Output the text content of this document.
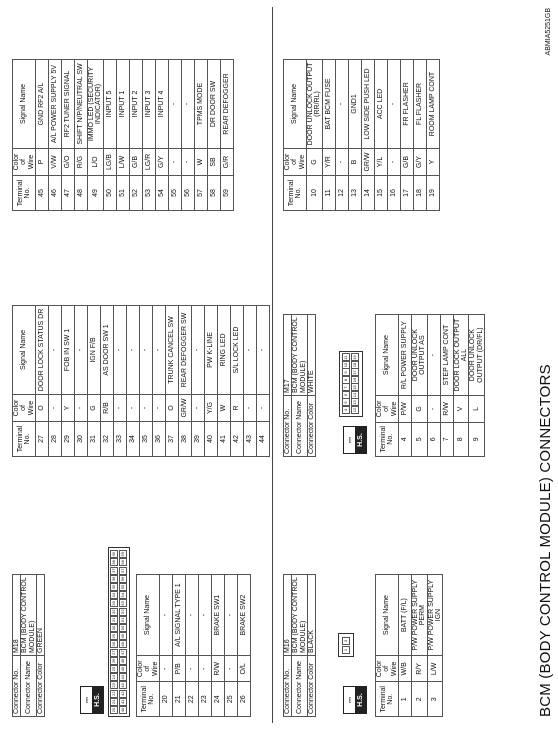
BCM (BODY CONTROL MODULE) CONNECTORS
ABMIA5251GB
Connector No.	M16
Connector Name	BCM (BODY CONTROL MODULE)
Connector Color	BLACK
⎓ H.S.
1
3
Terminal No.	Color of Wire	Signal Name
1	W/B	BATT (F/L)
2	R/Y	P/W POWER SUPPLY PERM
3	L/W	P/W POWER SUPPLY IGN
Connector No.	M17
Connector Name	BCM (BODY CONTROL MODULE)
Connector Color	WHITE
⎓ H.S.
4
5
6
7
8
9
10
11
12
13
14
15
16
17
18
19
Terminal No.	Color of Wire	Signal Name
4	P/W	R/L POWER SUPPLY
5	G	DOOR UNLOCK OUTPUT AS
6	-	-
7	R/W	STEP LAMP CONT
8	V	DOOR LOCK OUTPUT ALL
9	L	DOOR UNLOCK OUTPUT (DR/FL)
Terminal No.	Color of Wire	Signal Name
10	G	DOOR UNLOCK OUTPUT (RR/RL)
11	Y/R	BAT BCM FUSE
12	-	-
13	B	GND1
14	GR/W	LOW SIDE PUSH LED
15	Y/L	ACC LED
16	-	-
17	G/B	FR FLASHER
18	G/Y	FL FLASHER
19	Y	ROOM LAMP CONT
Connector No.	M18
Connector Name	BCM (BODY CONTROL MODULE)
Connector Color	GREEN
⎓ H.S.
20
21
22
23
24
25
26
27
28
29
30
31
32
33
34
35
36
37
38
39
40
41
42
43
44
45
46
47
48
49
50
51
52
53
54
55
56
57
58
59
Terminal No.	Color of Wire	Signal Name
20	-	-
21	P/B	A/L SIGNAL TYPE 1
22	-	-
23	-	-
24	R/W	BRAKE SW1
25	-	-
26	O/L	BRAKE SW2
Terminal No.	Color of Wire	Signal Name
27	O	DOOR LOCK STATUS DR
28	-	-
29	Y	FOB IN SW 1
30	-	-
31	G	IGN F/B
32	R/B	AS DOOR SW 1
33	-	-
34	-	-
35	-	-
36	-	-
37	O	TRUNK CANCEL SW
38	GR/W	REAR DEFOGGER SW
39	-	-
40	Y/G	PW K-LINE
41	W	RING LED
42	R	S/L LOCK LED
43	-	-
44	-	-
Terminal No.	Color of Wire	Signal Name
45	P	GND RF2 A/L
46	V/W	A/L POWER SUPPLY 5V
47	G/O	RF2 TUNER SIGNAL
48	R/G	SHIFT N/P/NEUTRAL SW
49	L/O	IMMO LED (SECURITY INDICATOR)
50	LG/B	INPUT 5
51	L/W	INPUT 1
52	G/B	INPUT 2
53	LG/R	INPUT 3
54	G/Y	INPUT 4
55	-	-
56	-	-
57	W	TPMS MODE
58	SB	DR DOOR SW
59	G/R	REAR DEFOGGER
